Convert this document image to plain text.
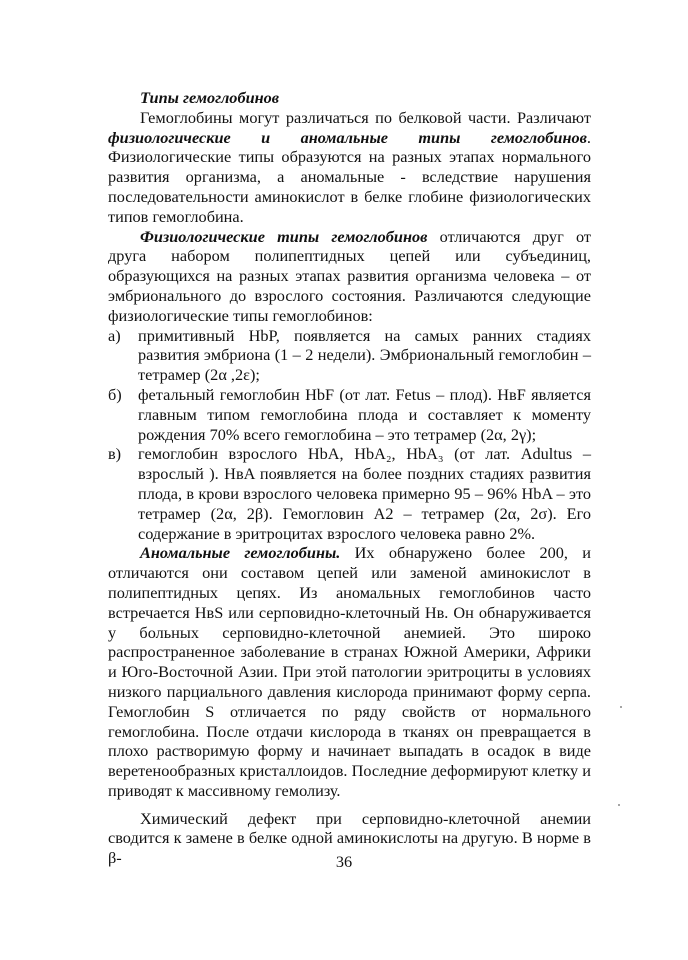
Типы гемоглобинов

Гемоглобины могут различаться по белковой части. Различают физиологические и аномальные типы гемоглобинов. Физиологические типы образуются на разных этапах нормального развития организма, а аномальные - вследствие нарушения последовательности аминокислот в белке глобине физиологических типов гемоглобина.

Физиологические типы гемоглобинов отличаются друг от друга набором полипептидных цепей или субъединиц, образующихся на разных этапах развития организма человека – от эмбрионального до взрослого состояния. Различаются следующие физиологические типы гемоглобинов:

а) примитивный HbP, появляется на самых ранних стадиях развития эмбриона (1 – 2 недели). Эмбриональный гемоглобин – тетрамер (2α ,2ε);
б) фетальный гемоглобин HbF (от лат. Fetus – плод). HвF является главным типом гемоглобина плода и составляет к моменту рождения 70% всего гемоглобина – это тетрамер (2α, 2γ);
в) гемоглобин взрослого HbA, HbA₂, HbA₃ (от лат. Adultus – взрослый ). HвA появляется на более поздних стадиях развития плода, в крови взрослого человека примерно 95 – 96% HbA – это тетрамер (2α, 2β). Гемогловин A2 – тетрамер (2α, 2σ). Его содержание в эритроцитах взрослого человека равно 2%.

Аномальные гемоглобины. Их обнаружено более 200, и отличаются они составом цепей или заменой аминокислот в полипептидных цепях. Из аномальных гемоглобинов часто встречается HвS или серповидно-клеточный Hв. Он обнаруживается у больных серповидно-клеточной анемией. Это широко распространенное заболевание в странах Южной Америки, Африки и Юго-Восточной Азии. При этой патологии эритроциты в условиях низкого парциального давления кислорода принимают форму серпа. Гемоглобин S отличается по ряду свойств от нормального гемоглобина. После отдачи кислорода в тканях он превращается в плохо растворимую форму и начинает выпадать в осадок в виде веретенообразных кристаллоидов. Последние деформируют клетку и приводят к массивному гемолизу.

Химический дефект при серповидно-клеточной анемии сводится к замене в белке одной аминокислоты на другую. В норме в β-	36
